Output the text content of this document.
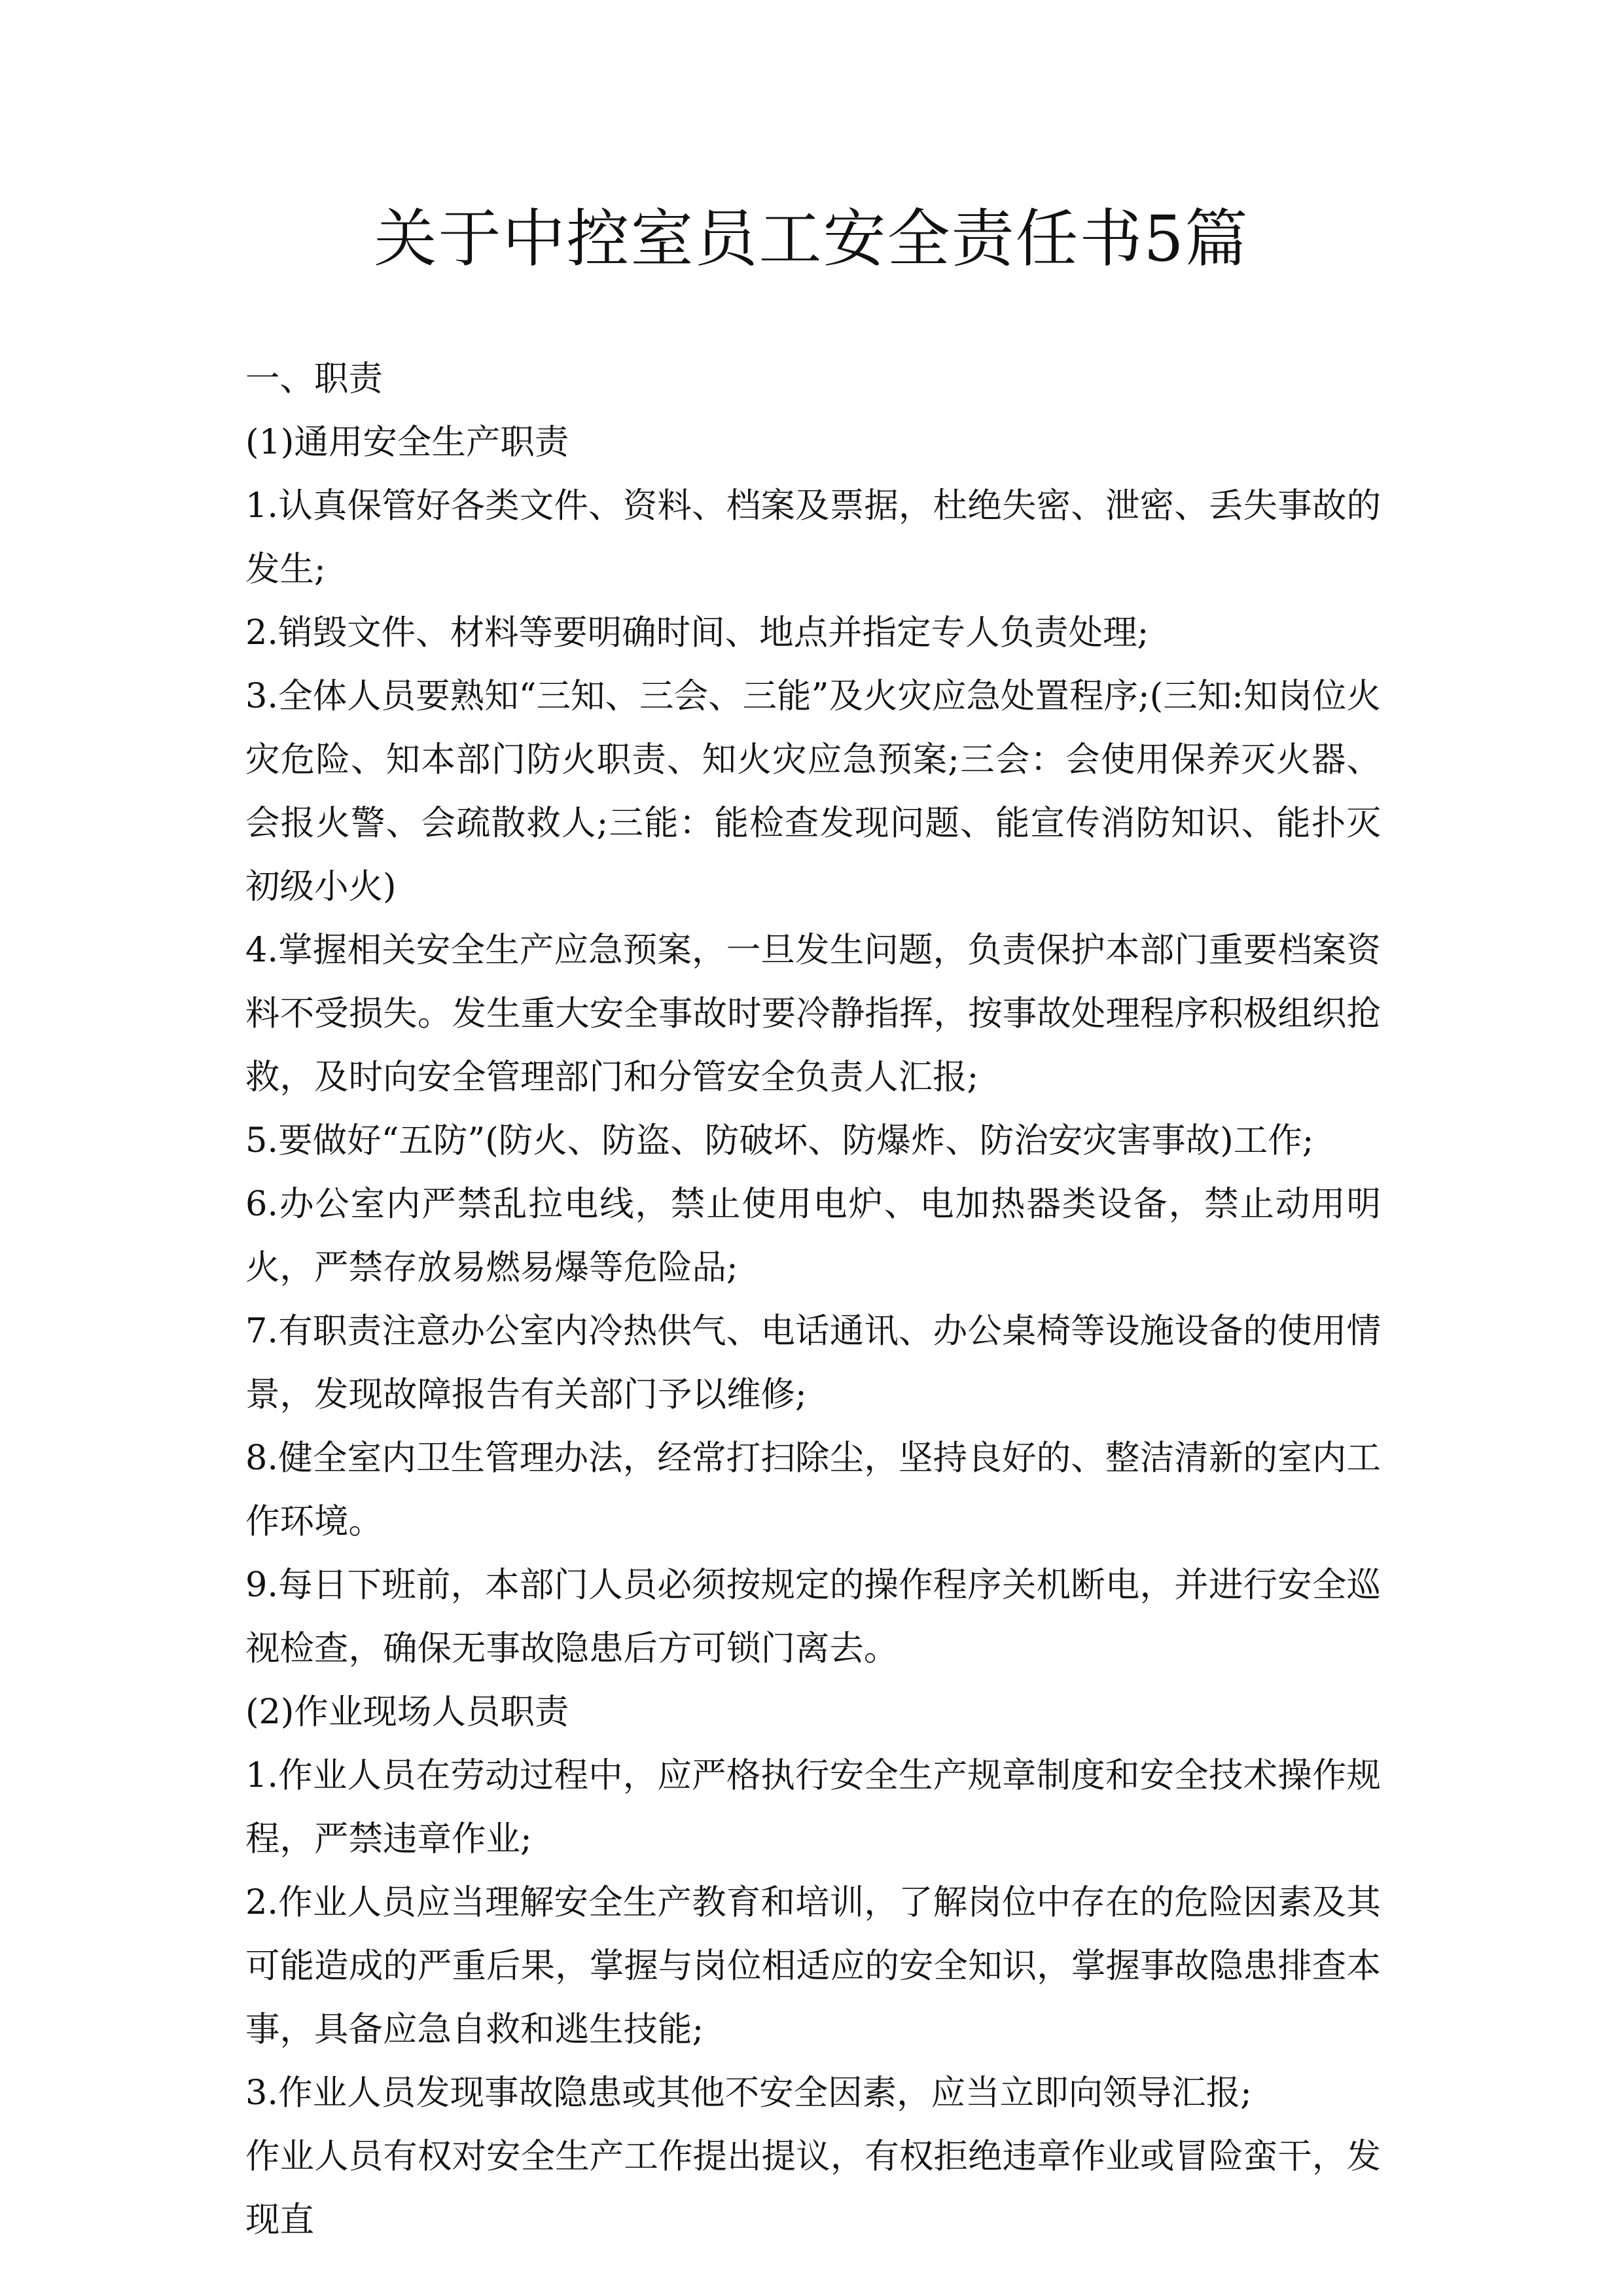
关于中控室员工安全责任书5篇

一、职责

(1)通用安全生产职责

1.认真保管好各类文件、资料、档案及票据，杜绝失密、泄密、丢失事故的发生;

2.销毁文件、材料等要明确时间、地点并指定专人负责处理;

3.全体人员要熟知“三知、三会、三能”及火灾应急处置程序;(三知:知岗位火灾危险、知本部门防火职责、知火灾应急预案;三会：会使用保养灭火器、会报火警、会疏散救人;三能：能检查发现问题、能宣传消防知识、能扑灭初级小火)

4.掌握相关安全生产应急预案，一旦发生问题，负责保护本部门重要档案资料不受损失。发生重大安全事故时要冷静指挥，按事故处理程序积极组织抢救，及时向安全管理部门和分管安全负责人汇报;

5.要做好“五防”(防火、防盗、防破坏、防爆炸、防治安灾害事故)工作;

6.办公室内严禁乱拉电线，禁止使用电炉、电加热器类设备，禁止动用明火，严禁存放易燃易爆等危险品;

7.有职责注意办公室内冷热供气、电话通讯、办公桌椅等设施设备的使用情景，发现故障报告有关部门予以维修;

8.健全室内卫生管理办法，经常打扫除尘，坚持良好的、整洁清新的室内工作环境。

9.每日下班前，本部门人员必须按规定的操作程序关机断电，并进行安全巡视检查，确保无事故隐患后方可锁门离去。

(2)作业现场人员职责

1.作业人员在劳动过程中，应严格执行安全生产规章制度和安全技术操作规程，严禁违章作业;

2.作业人员应当理解安全生产教育和培训，了解岗位中存在的危险因素及其可能造成的严重后果，掌握与岗位相适应的安全知识，掌握事故隐患排查本事，具备应急自救和逃生技能;

3.作业人员发现事故隐患或其他不安全因素，应当立即向领导汇报;

作业人员有权对安全生产工作提出提议，有权拒绝违章作业或冒险蛮干，发现直
